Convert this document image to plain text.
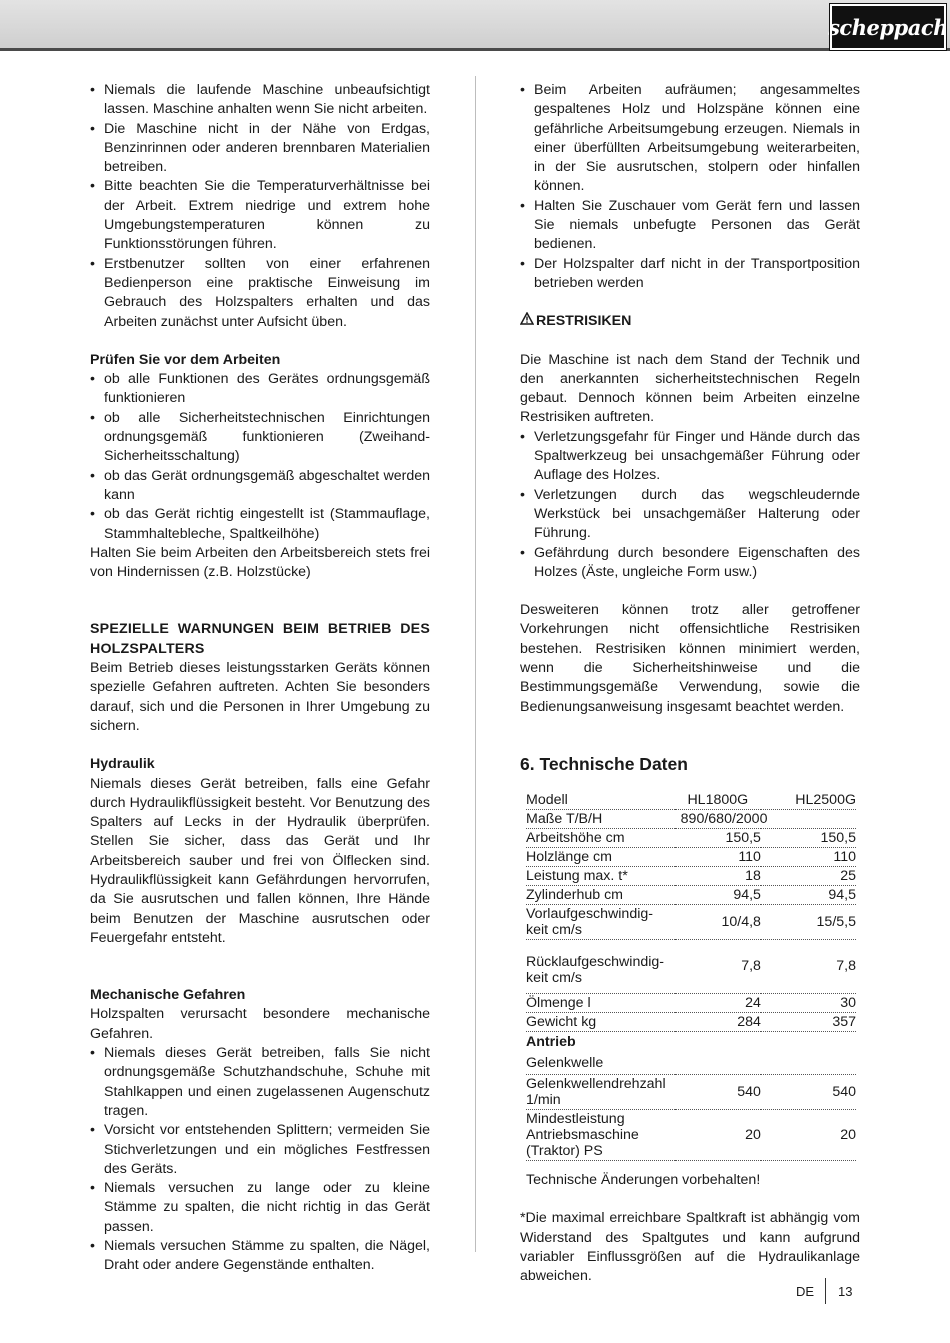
scheppach
• Niemals die laufende Maschine unbeaufsichtigt lassen. Maschine anhalten wenn Sie nicht arbeiten.
• Die Maschine nicht in der Nähe von Erdgas, Benzinrinnen oder anderen brennbaren Materialien betreiben.
• Bitte beachten Sie die Temperaturverhältnisse bei der Arbeit. Extrem niedrige und extrem hohe Umgebungstemperaturen können zu Funktionsstörungen führen.
• Erstbenutzer sollten von einer erfahrenen Bedienperson eine praktische Einweisung im Gebrauch des Holzspalters erhalten und das Arbeiten zunächst unter Aufsicht üben.

Prüfen Sie vor dem Arbeiten

• ob alle Funktionen des Gerätes ordnungsgemäß funktionieren
• ob alle Sicherheitstechnischen Einrichtungen ordnungsgemäß funktionieren (Zweihand- Sicherheitsschaltung)
• ob das Gerät ordnungsgemäß abgeschaltet werden kann
• ob das Gerät richtig eingestellt ist (Stammauflage, Stammhaltebleche, Spaltkeilhöhe)

Halten Sie beim Arbeiten den Arbeitsbereich stets frei von Hindernissen (z.B. Holzstücke)

SPEZIELLE WARNUNGEN BEIM BETRIEB DES HOLZSPALTERS

Beim Betrieb dieses leistungsstarken Geräts können spezielle Gefahren auftreten. Achten Sie besonders darauf, sich und die Personen in Ihrer Umgebung zu sichern.

Hydraulik

Niemals dieses Gerät betreiben, falls eine Gefahr durch Hydraulikflüssigkeit besteht. Vor Benutzung des Spalters auf Lecks in der Hydraulik überprüfen. Stellen Sie sicher, dass das Gerät und Ihr Arbeitsbereich sauber und frei von Ölflecken sind. Hydraulikflüssigkeit kann Gefährdungen hervorrufen, da Sie ausrutschen und fallen können, Ihre Hände beim Benutzen der Maschine ausrutschen oder Feuergefahr entsteht.

Mechanische Gefahren

Holzspalten verursacht besondere mechanische Gefahren.

• Niemals dieses Gerät betreiben, falls Sie nicht ordnungsgemäße Schutzhandschuhe, Schuhe mit Stahlkappen und einen zugelassenen Augenschutz tragen.
• Vorsicht vor entstehenden Splittern; vermeiden Sie Stichverletzungen und ein mögliches Festfressen des Geräts.
• Niemals versuchen zu lange oder zu kleine Stämme zu spalten, die nicht richtig in das Gerät passen.
• Niemals versuchen Stämme zu spalten, die Nägel, Draht oder andere Gegenstände enthalten.
• Beim Arbeiten aufräumen; angesammeltes gespaltenes Holz und Holzspäne können eine gefährliche Arbeitsumgebung erzeugen. Niemals in einer überfüllten Arbeitsumgebung weiterarbeiten, in der Sie ausrutschen, stolpern oder hinfallen können.
• Halten Sie Zuschauer vom Gerät fern und lassen Sie niemals unbefugte Personen das Gerät bedienen.
• Der Holzspalter darf nicht in der Transportposition betrieben werden

RESTRISIKEN

Die Maschine ist nach dem Stand der Technik und den anerkannten sicherheitstechnischen Regeln gebaut. Dennoch können beim Arbeiten einzelne Restrisiken auftreten.

• Verletzungsgefahr für Finger und Hände durch das Spaltwerkzeug bei unsachgemäßer Führung oder Auflage des Holzes.
• Verletzungen durch das wegschleudernde Werkstück bei unsachgemäßer Halterung oder Führung.
• Gefährdung durch besondere Eigenschaften des Holzes (Äste, ungleiche Form usw.)

Desweiteren können trotz aller getroffener Vorkehrungen nicht offensichtliche Restrisiken bestehen. Restrisiken können minimiert werden, wenn die Sicherheitshinweise und die Bestimmungsgemäße Verwendung, sowie die Bedienungsanweisung insgesamt beachtet werden.

6. Technische Daten

Modell	HL1800G	HL2500G
Maße T/B/H	890/680/2000	
Arbeitshöhe cm	150,5	150,5
Holzlänge cm	110	110
Leistung max. t*	18	25
Zylinderhub cm	94,5	94,5
Vorlaufgeschwindig-keit cm/s	10/4,8	15/5,5
Rücklaufgeschwindig-keit cm/s	7,8	7,8
Ölmenge l	24	30
Gewicht kg	284	357
Antrieb		
Gelenkwelle		
Gelenkwellendrehzahl 1/min	540	540
Mindestleistung Antriebsmaschine (Traktor) PS	20	20

Technische Änderungen vorbehalten!

*Die maximal erreichbare Spaltkraft ist abhängig vom Widerstand des Spaltgutes und kann aufgrund variabler Einflussgrößen auf die Hydraulikanlage abweichen.

DE 13
